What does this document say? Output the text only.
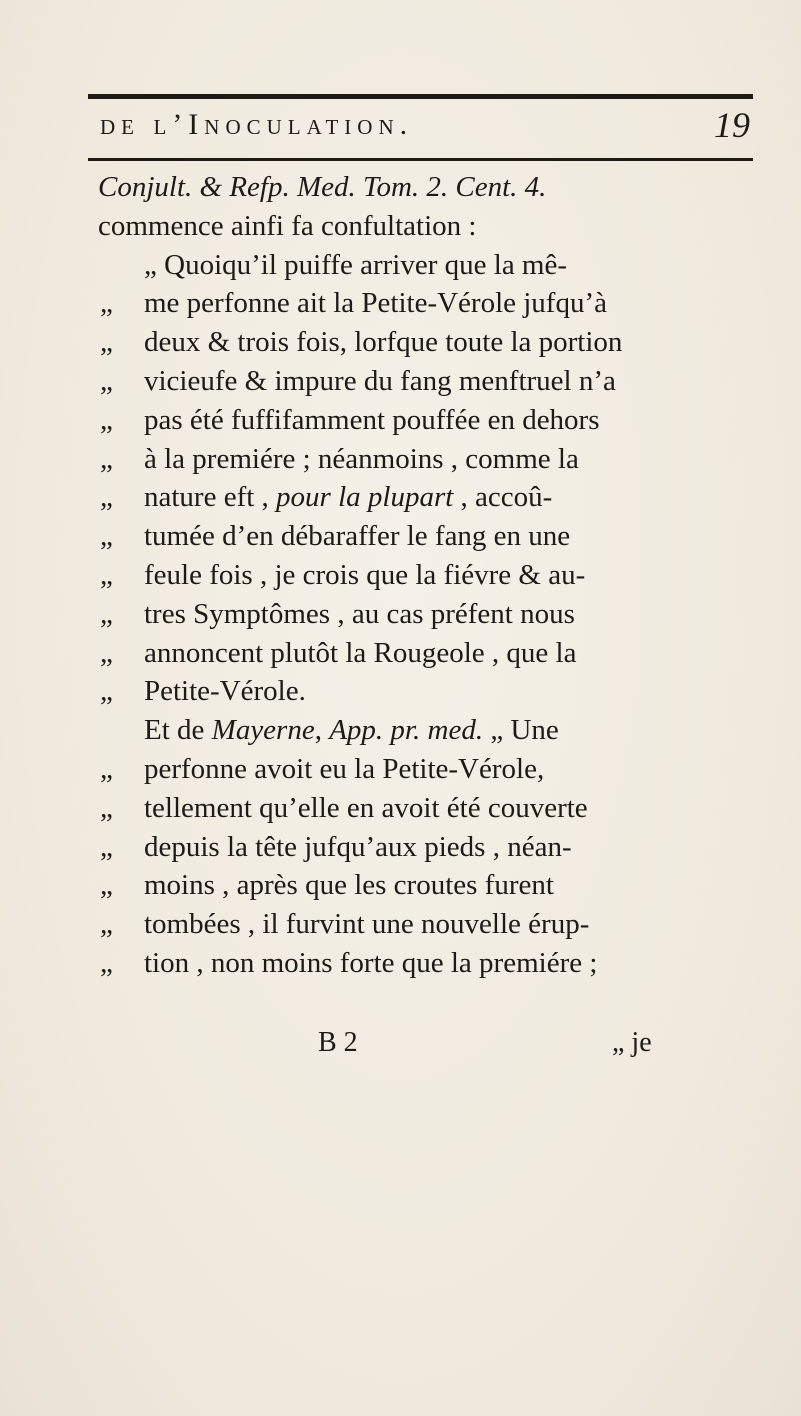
de l’Inoculation.	19
Conjult. & Refp. Med. Tom. 2. Cent. 4.
commence ainfi fa confultation :
„ Quoiqu’il puiffe arriver que la mê-
„ me perfonne ait la Petite-Vérole jufqu’à
„ deux & trois fois, lorfque toute la portion
„ vicieufe & impure du fang menftruel n’a
„ pas été fuffifamment pouffée en dehors
„ à la premiére ; néanmoins , comme la
„ nature eft , pour la plupart , accoû-
„ tumée d’en débaraffer le fang en une
„ feule fois , je crois que la fiévre & au-
„ tres Symptômes , au cas préfent nous
„ annoncent plutôt la Rougeole , que la
„ Petite-Vérole.
Et de Mayerne, App. pr. med. „ Une
„ perfonne avoit eu la Petite-Vérole,
„ tellement qu’elle en avoit été couverte
„ depuis la tête jufqu’aux pieds , néan-
„ moins , après que les croutes furent
„ tombées , il furvint une nouvelle érup-
„ tion , non moins forte que la premiére ;
B 2	„ je
